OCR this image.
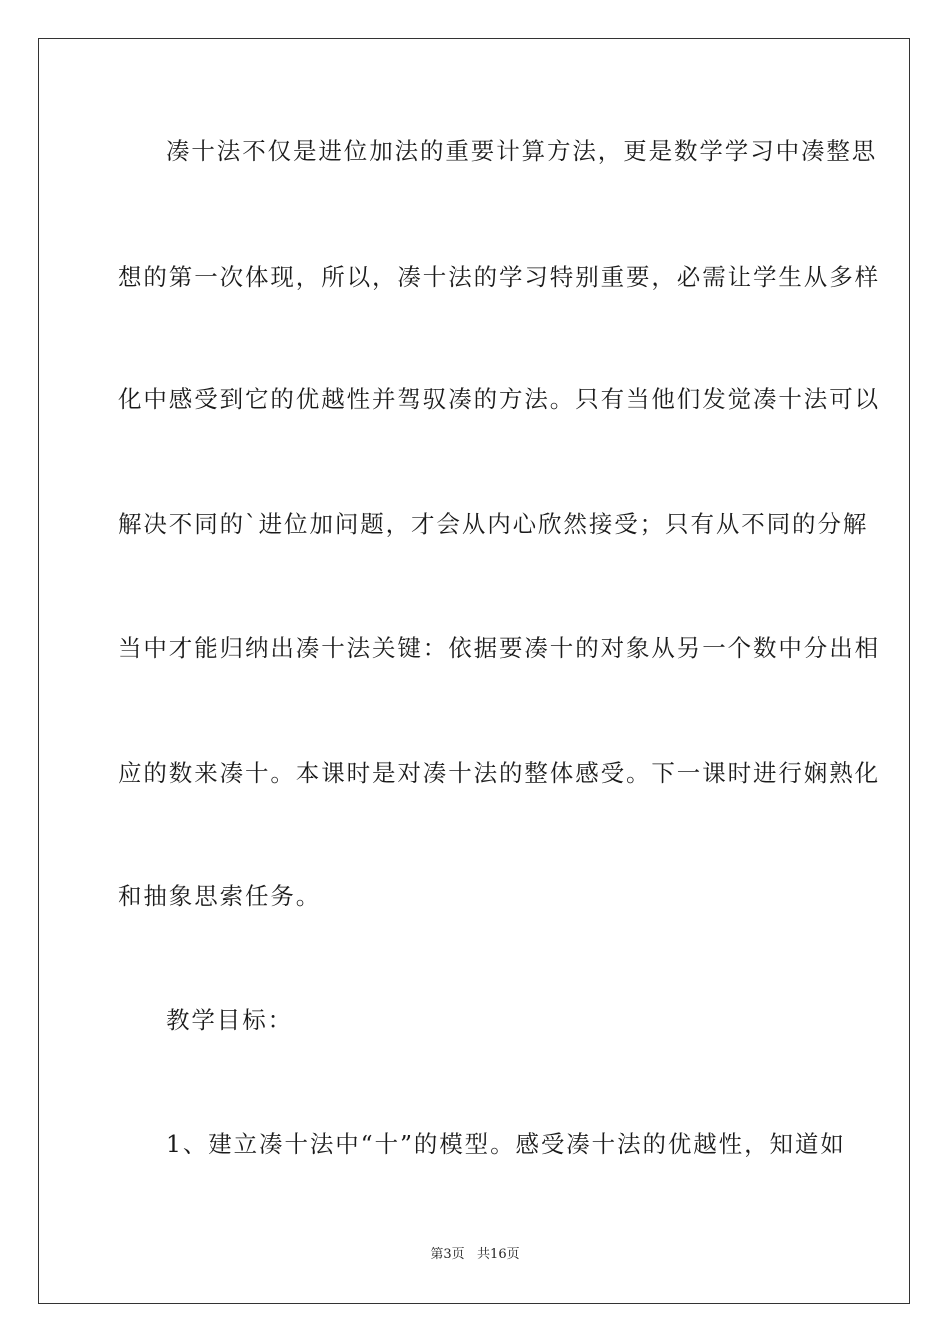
凑十法不仅是进位加法的重要计算方法，更是数学学习中凑整思
想的第一次体现，所以，凑十法的学习特别重要，必需让学生从多样
化中感受到它的优越性并驾驭凑的方法。只有当他们发觉凑十法可以
解决不同的`进位加问题，才会从内心欣然接受；只有从不同的分解
当中才能归纳出凑十法关键：依据要凑十的对象从另一个数中分出相
应的数来凑十。本课时是对凑十法的整体感受。下一课时进行娴熟化
和抽象思索任务。
教学目标：
1、建立凑十法中“十”的模型。感受凑十法的优越性，知道如
第3页   共16页
